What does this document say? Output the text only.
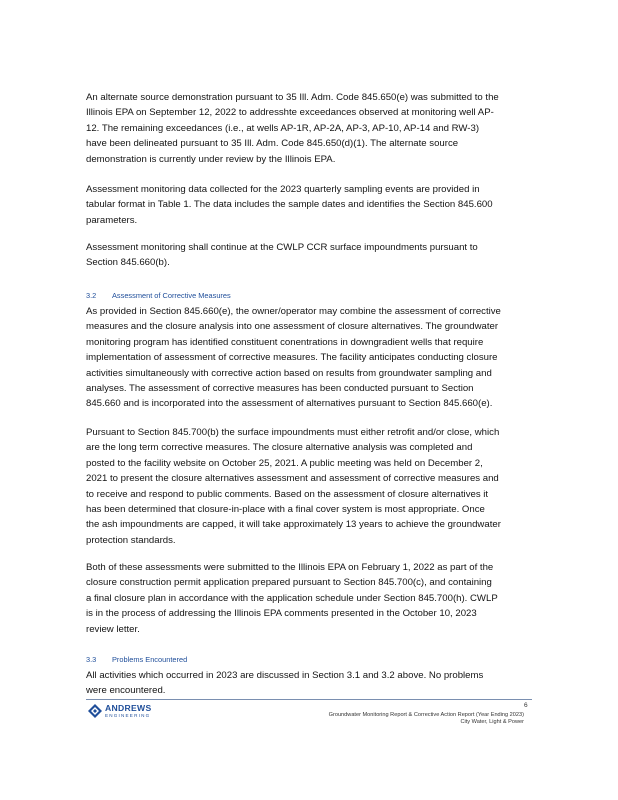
An alternate source demonstration pursuant to 35 Ill. Adm. Code 845.650(e) was submitted to the
Illinois EPA on September 12, 2022 to addresshte exceedances observed at monitoring well AP-
12. The remaining exceedances (i.e., at wells AP-1R, AP-2A, AP-3, AP-10, AP-14 and RW-3)
have been delineated pursuant to 35 Ill. Adm. Code 845.650(d)(1). The alternate source
demonstration is currently under review by the Illinois EPA.
Assessment monitoring data collected for the 2023 quarterly sampling events are provided in
tabular format in Table 1. The data includes the sample dates and identifies the Section 845.600
parameters.
Assessment monitoring shall continue at the CWLP CCR surface impoundments pursuant to
Section 845.660(b).
3.2 Assessment of Corrective Measures
As provided in Section 845.660(e), the owner/operator may combine the assessment of corrective
measures and the closure analysis into one assessment of closure alternatives. The groundwater
monitoring program has identified constituent conentrations in downgradient wells that require
implementation of assessment of corrective measures. The facility anticipates conducting closure
activities simultaneously with corrective action based on results from groundwater sampling and
analyses. The assessment of corrective measures has been conducted pursuant to Section
845.660 and is incorporated into the assessment of alternatives pursuant to Section 845.660(e).
Pursuant to Section 845.700(b) the surface impoundments must either retrofit and/or close, which
are the long term corrective measures. The closure alternative analysis was completed and
posted to the facility website on October 25, 2021. A public meeting was held on December 2,
2021 to present the closure alternatives assessment and assessment of corrective measures and
to receive and respond to public comments. Based on the assessment of closure alternatives it
has been determined that closure-in-place with a final cover system is most appropriate. Once
the ash impoundments are capped, it will take approximately 13 years to achieve the groundwater
protection standards.
Both of these assessments were submitted to the Illinois EPA on February 1, 2022 as part of the
closure construction permit application prepared pursuant to Section 845.700(c), and containing
a final closure plan in accordance with the application schedule under Section 845.700(h). CWLP
is in the process of addressing the Illinois EPA comments presented in the October 10, 2023
review letter.
3.3 Problems Encountered
All activities which occurred in 2023 are discussed in Section 3.1 and 3.2 above. No problems
were encountered.
ANDREWS
ENGINEERING
6
Groundwater Monitoring Report & Corrective Action Report (Year Ending 2023)
City Water, Light & Power
